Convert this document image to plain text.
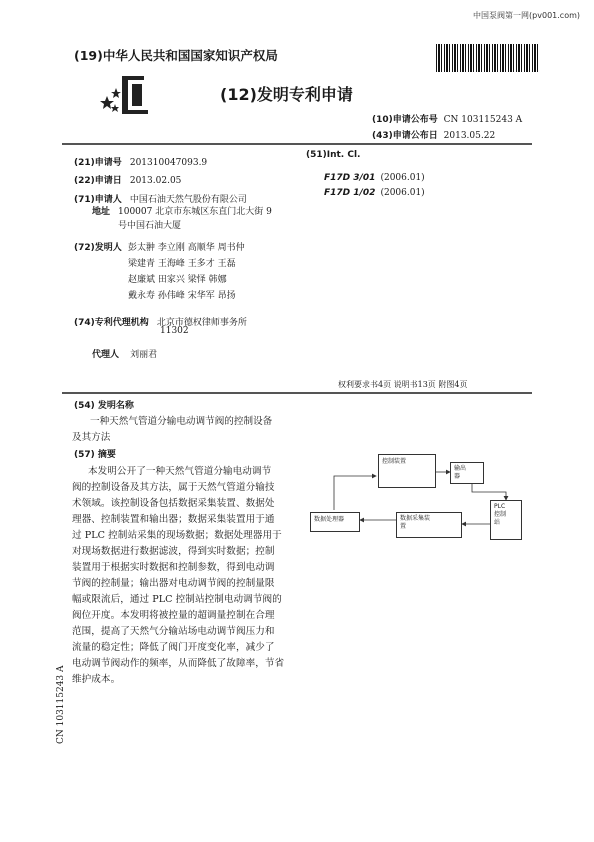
中国泵阀第一网(pv001.com)
(19)中华人民共和国国家知识产权局
(12)发明专利申请
(10)申请公布号 CN 103115243 A
(43)申请公布日 2013.05.22
(21)申请号 201310047093.9
(22)申请日 2013.02.05
(71)申请人 中国石油天然气股份有限公司
地址 100007 北京市东城区东直门北大街 9
号中国石油大厦
(72)发明人 彭太翀 李立刚 高顺华 周书仲
梁建青 王海峰 王多才 王磊
赵廉斌 田家兴 梁怿 韩娜
戴永寿 孙伟峰 宋华军 昂扬
(74)专利代理机构 北京市德权律师事务所
11302
代理人 刘丽君
(51)Int. Cl.
F17D 3/01 (2006.01)
F17D 1/02 (2006.01)
权利要求书4页 说明书13页 附图4页
(54) 发明名称
一种天然气管道分输电动调节阀的控制设备
及其方法
(57) 摘要
本发明公开了一种天然气管道分输电动调节
阀的控制设备及其方法，属于天然气管道分输技
术领域。该控制设备包括数据采集装置、数据处
理器、控制装置和输出器；数据采集装置用于通
过 PLC 控制站采集的现场数据；数据处理器用于
对现场数据进行数据滤波，得到实时数据；控制
装置用于根据实时数据和控制参数，得到电动调
节阀的控制量；输出器对电动调节阀的控制量限
幅或限流后，通过 PLC 控制站控制电动调节阀的
阀位开度。本发明将被控量的超调量控制在合理
范围，提高了天然气分输站场电动调节阀压力和
流量的稳定性；降低了阀门开度变化率，减少了
电动调节阀动作的频率，从而降低了故障率，节省
维护成本。
控制装置
输出
器
PLC
控制
站
数据采集装
置
数据处理器
CN 103115243 A
